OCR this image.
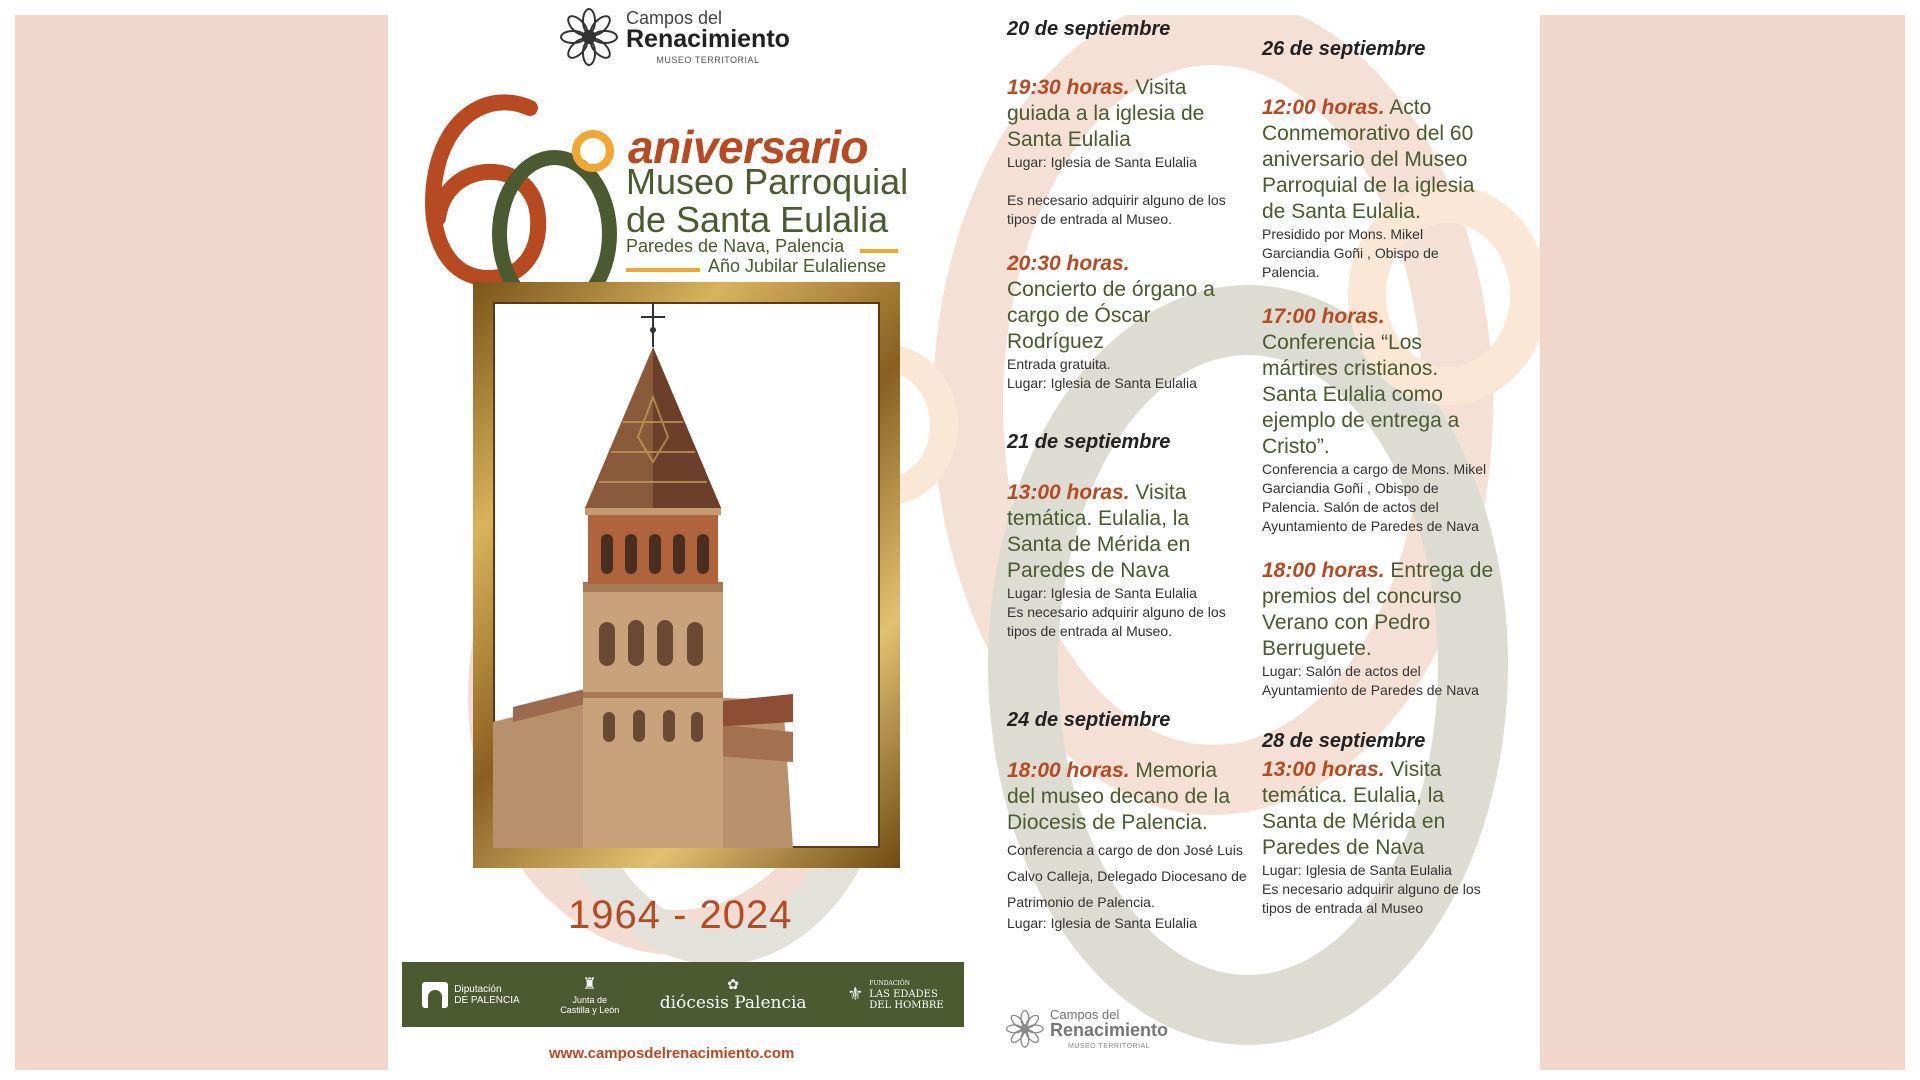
Campos del
Renacimiento
MUSEO TERRITORIAL
aniversario
Museo Parroquial
de Santa Eulalia
Paredes de Nava, Palencia
Año Jubilar Eulaliense
1964 - 2024
Diputación
DE PALENCIA
♜
Junta de
Castilla y León
✿
diócesis Palencia ⚜
FUNDACIÓN
LAS EDADES
DEL HOMBRE
www.camposdelrenacimiento.com

20 de septiembre

19:30 horas. Visita guiada a la iglesia de Santa Eulalia
Lugar: Iglesia de Santa Eulalia
Es necesario adquirir alguno de los tipos de entrada al Museo.
20:30 horas.
Concierto de órgano a cargo de Óscar Rodríguez
Entrada gratuita.
Lugar: Iglesia de Santa Eulalia

21 de septiembre

13:00 horas. Visita temática. Eulalia, la Santa de Mérida en Paredes de Nava
Lugar: Iglesia de Santa Eulalia
Es necesario adquirir alguno de los tipos de entrada al Museo.

24 de septiembre

18:00 horas. Memoria del museo decano de la Diocesis de Palencia. Conferencia a cargo de don José Luis Calvo Calleja, Delegado Diocesano de Patrimonio de Palencia.
Lugar: Iglesia de Santa Eulalia

26 de septiembre

12:00 horas. Acto Conmemorativo del 60 aniversario del Museo Parroquial de la iglesia de Santa Eulalia.
Presidido por Mons. Mikel Garciandia Goñi , Obispo de Palencia.
17:00 horas.
Conferencia “Los mártires cristianos. Santa Eulalia como ejemplo de entrega a Cristo”.
Conferencia a cargo de Mons. Mikel Garciandia Goñi , Obispo de Palencia. Salón de actos del Ayuntamiento de Paredes de Nava
18:00 horas. Entrega de premios del concurso Verano con Pedro Berruguete.
Lugar: Salón de actos del Ayuntamiento de Paredes de Nava

28 de septiembre

13:00 horas. Visita temática. Eulalia, la Santa de Mérida en Paredes de Nava
Lugar: Iglesia de Santa Eulalia
Es necesario adquirir alguno de los tipos de entrada al Museo
Campos del
Renacimiento
MUSEO TERRITORIAL
